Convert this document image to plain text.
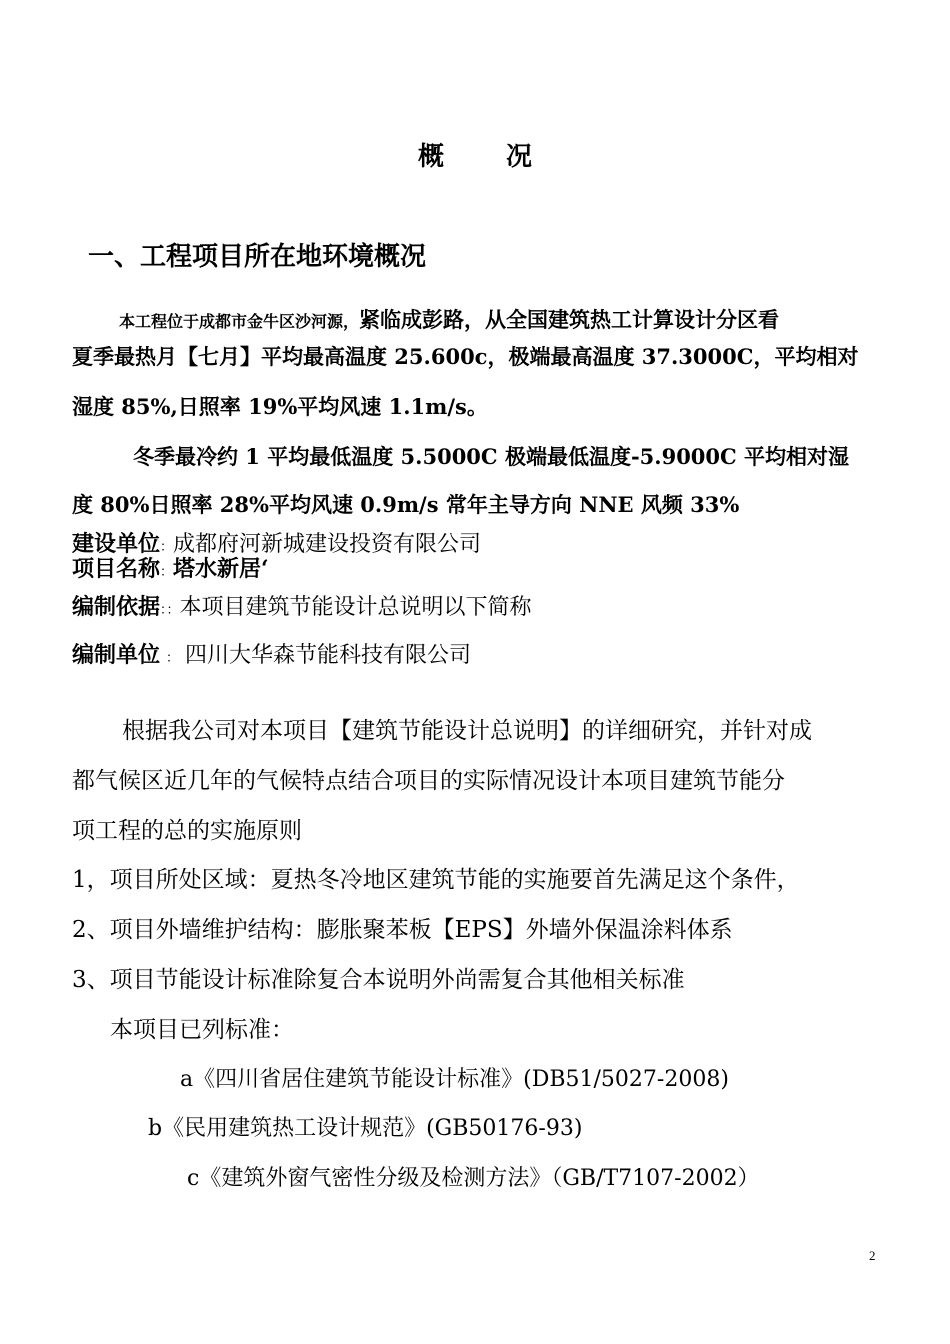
概 况
一、工程项目所在地环境概况
本工程位于成都市金牛区沙河源，紧临成彭路，从全国建筑热工计算设计分区看
夏季最热月【七月】平均最高温度 25.600c，极端最高温度 37.3000C，平均相对
湿度 85%,日照率 19%平均风速 1.1m/s。
冬季最冷约 1 平均最低温度 5.5000C 极端最低温度-5.9000C 平均相对湿
度 80%日照率 28%平均风速 0.9m/s 常年主导方向 NNE 风频 33%
建设单位：成都府河新城建设投资有限公司
项目名称：塔水新居‘
编制依据：：本项目建筑节能设计总说明以下简称
编制单位 ： 四川大华森节能科技有限公司
根据我公司对本项目【建筑节能设计总说明】的详细研究，并针对成
都气候区近几年的气候特点结合项目的实际情况设计本项目建筑节能分
项工程的总的实施原则
1，项目所处区域：夏热冬冷地区建筑节能的实施要首先满足这个条件，
2、项目外墙维护结构：膨胀聚苯板【EPS】外墙外保温涂料体系
3、项目节能设计标准除复合本说明外尚需复合其他相关标准
本项目已列标准：
a《四川省居住建筑节能设计标准》(DB51/5027-2008)
b《民用建筑热工设计规范》(GB50176-93)
c《建筑外窗气密性分级及检测方法》（GB/T7107-2002）
2
